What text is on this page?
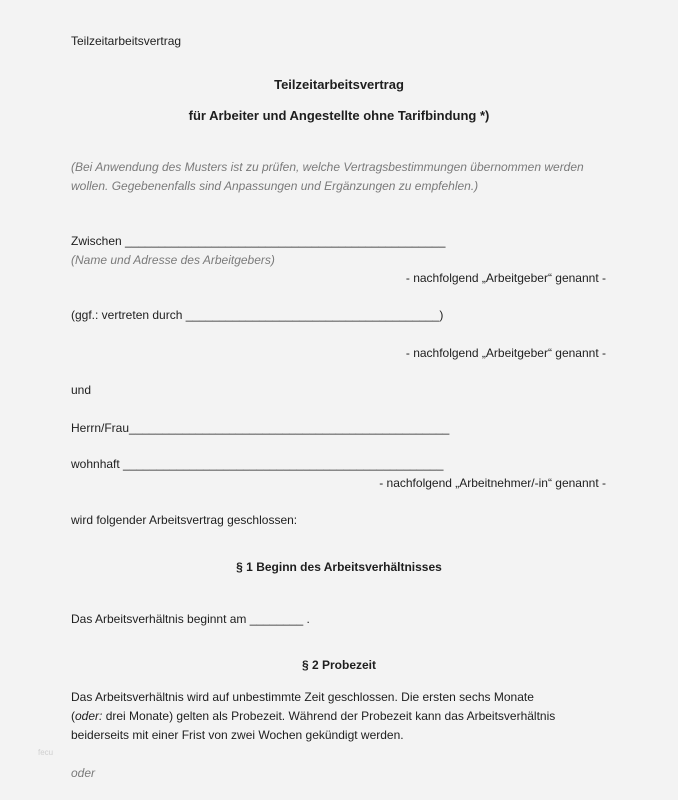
Teilzeitarbeitsvertrag
Teilzeitarbeitsvertrag
für Arbeiter und Angestellte ohne Tarifbindung *)
(Bei Anwendung des Musters ist zu prüfen, welche Vertragsbestimmungen übernommen werden
wollen. Gegebenenfalls sind Anpassungen und Ergänzungen zu empfehlen.)
Zwischen ________________________________________________
(Name und Adresse des Arbeitgebers)
- nachfolgend „Arbeitgeber“ genannt -
(ggf.: vertreten durch ______________________________________)
- nachfolgend „Arbeitgeber“ genannt -
und
Herrn/Frau________________________________________________
wohnhaft ________________________________________________
- nachfolgend „Arbeitnehmer/-in“ genannt -
wird folgender Arbeitsvertrag geschlossen:
§ 1 Beginn des Arbeitsverhältnisses
Das Arbeitsverhältnis beginnt am ________ .
§ 2 Probezeit
Das Arbeitsverhältnis wird auf unbestimmte Zeit geschlossen. Die ersten sechs Monate
(oder: drei Monate) gelten als Probezeit. Während der Probezeit kann das Arbeitsverhältnis
beiderseits mit einer Frist von zwei Wochen gekündigt werden.
oder
fecu
